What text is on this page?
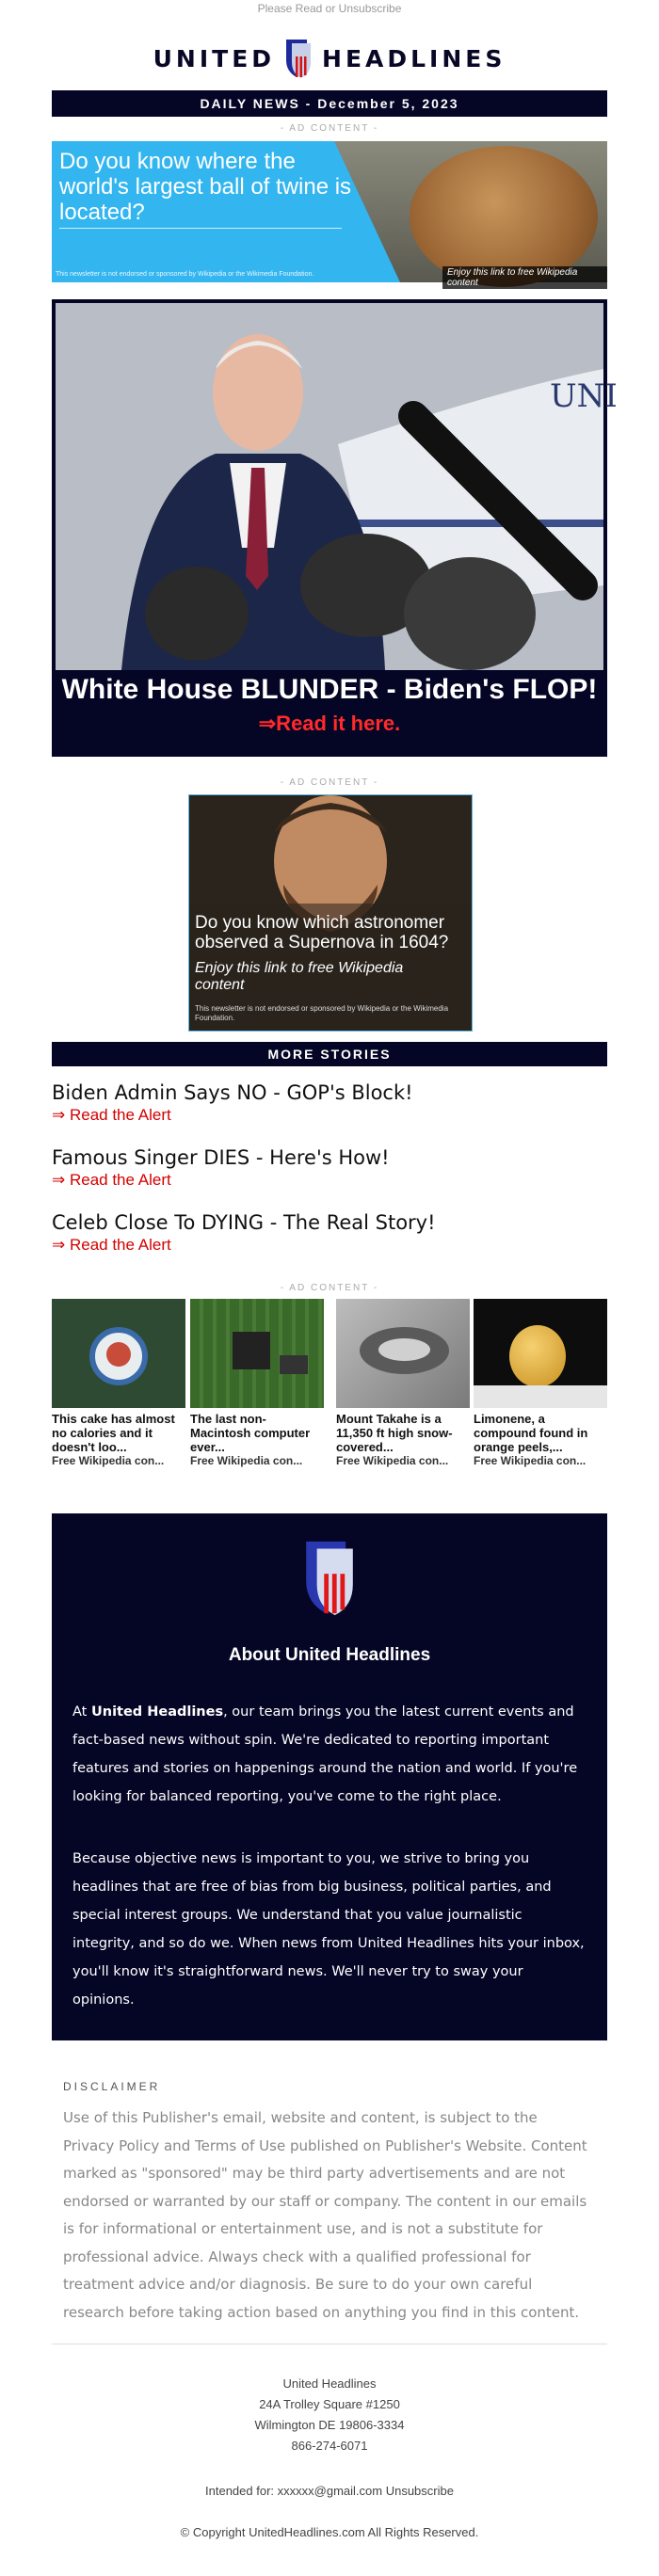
Please Read or Unsubscribe
UNITED HEADLINES
DAILY NEWS - December 5, 2023
- AD CONTENT -
Do you know where the world's largest ball of twine is located?
This newsletter is not endorsed or sponsored by Wikipedia or the Wikimedia Foundation.	Enjoy this link to free Wikipedia content
UNI
White House BLUNDER - Biden's FLOP!
⇒Read it here.
- AD CONTENT -
Do you know which astronomer observed a Supernova in 1604?
Enjoy this link to free Wikipedia content
This newsletter is not endorsed or sponsored by Wikipedia or the Wikimedia Foundation.
MORE STORIES
Biden Admin Says NO - GOP's Block!
⇒ Read the Alert
Famous Singer DIES - Here's How!
⇒ Read the Alert
Celeb Close To DYING - The Real Story!
⇒ Read the Alert
- AD CONTENT -
This cake has almost no calories and it doesn't loo...
Free Wikipedia con...
The last non-Macintosh computer ever...
Free Wikipedia con...
Mount Takahe is a 11,350 ft high snow-covered...
Free Wikipedia con...
Limonene, a compound found in orange peels,...
Free Wikipedia con...
About United Headlines
At United Headlines, our team brings you the latest current events and fact-based news without spin. We're dedicated to reporting important features and stories on happenings around the nation and world. If you're looking for balanced reporting, you've come to the right place.
Because objective news is important to you, we strive to bring you headlines that are free of bias from big business, political parties, and special interest groups. We understand that you value journalistic integrity, and so do we. When news from United Headlines hits your inbox, you'll know it's straightforward news. We'll never try to sway your opinions.
DISCLAIMER
Use of this Publisher's email, website and content, is subject to the Privacy Policy and Terms of Use published on Publisher's Website. Content marked as "sponsored" may be third party advertisements and are not endorsed or warranted by our staff or company. The content in our emails is for informational or entertainment use, and is not a substitute for professional advice. Always check with a qualified professional for treatment advice and/or diagnosis. Be sure to do your own careful research before taking action based on anything you find in this content.
United Headlines
24A Trolley Square #1250
Wilmington DE 19806-3334
866-274-6071
Intended for: xxxxxx@gmail.com Unsubscribe
© Copyright UnitedHeadlines.com All Rights Reserved.
